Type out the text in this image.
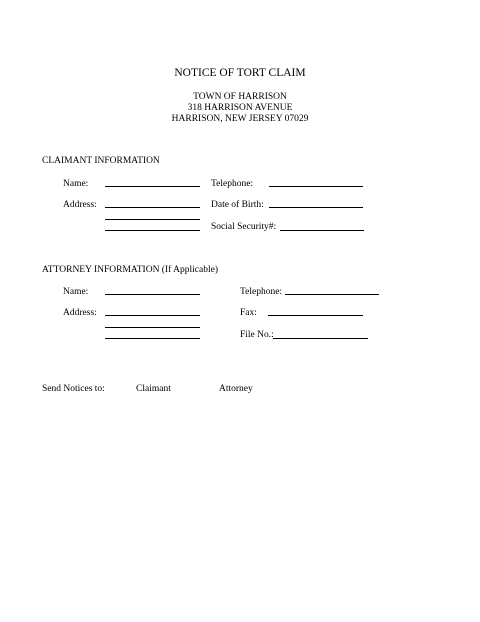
NOTICE OF TORT CLAIM
TOWN OF HARRISON
318 HARRISON AVENUE
HARRISON, NEW JERSEY 07029
CLAIMANT INFORMATION
Name:	Telephone:
Address:	Date of Birth:
Social Security#:
ATTORNEY INFORMATION (If Applicable)
Name:	Telephone:
Address:	Fax:
File No.:
Send Notices to:	Claimant	Attorney
